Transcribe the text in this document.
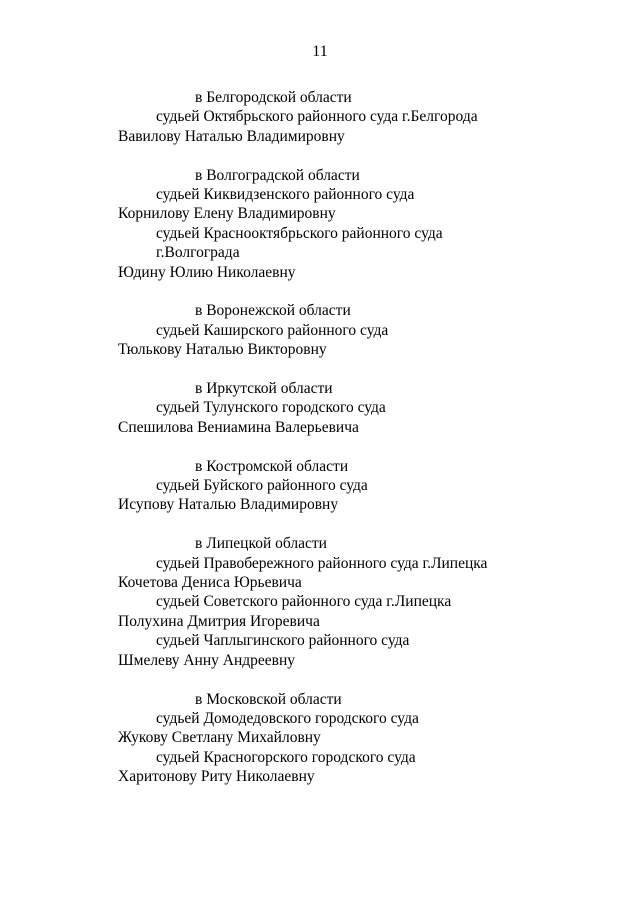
11
в Белгородской области
судьей Октябрьского районного суда г.Белгорода
Вавилову Наталью Владимировну
в Волгоградской области
судьей Киквидзенского районного суда
Корнилову Елену Владимировну
судьей Краснооктябрьского районного суда
г.Волгограда
Юдину Юлию Николаевну
в Воронежской области
судьей Каширского районного суда
Тюлькову Наталью Викторовну
в Иркутской области
судьей Тулунского городского суда
Спешилова Вениамина Валерьевича
в Костромской области
судьей Буйского районного суда
Исупову Наталью Владимировну
в Липецкой области
судьей Правобережного районного суда г.Липецка
Кочетова Дениса Юрьевича
судьей Советского районного суда г.Липецка
Полухина Дмитрия Игоревича
судьей Чаплыгинского районного суда
Шмелеву Анну Андреевну
в Московской области
судьей Домодедовского городского суда
Жукову Светлану Михайловну
судьей Красногорского городского суда
Харитонову Риту Николаевну
